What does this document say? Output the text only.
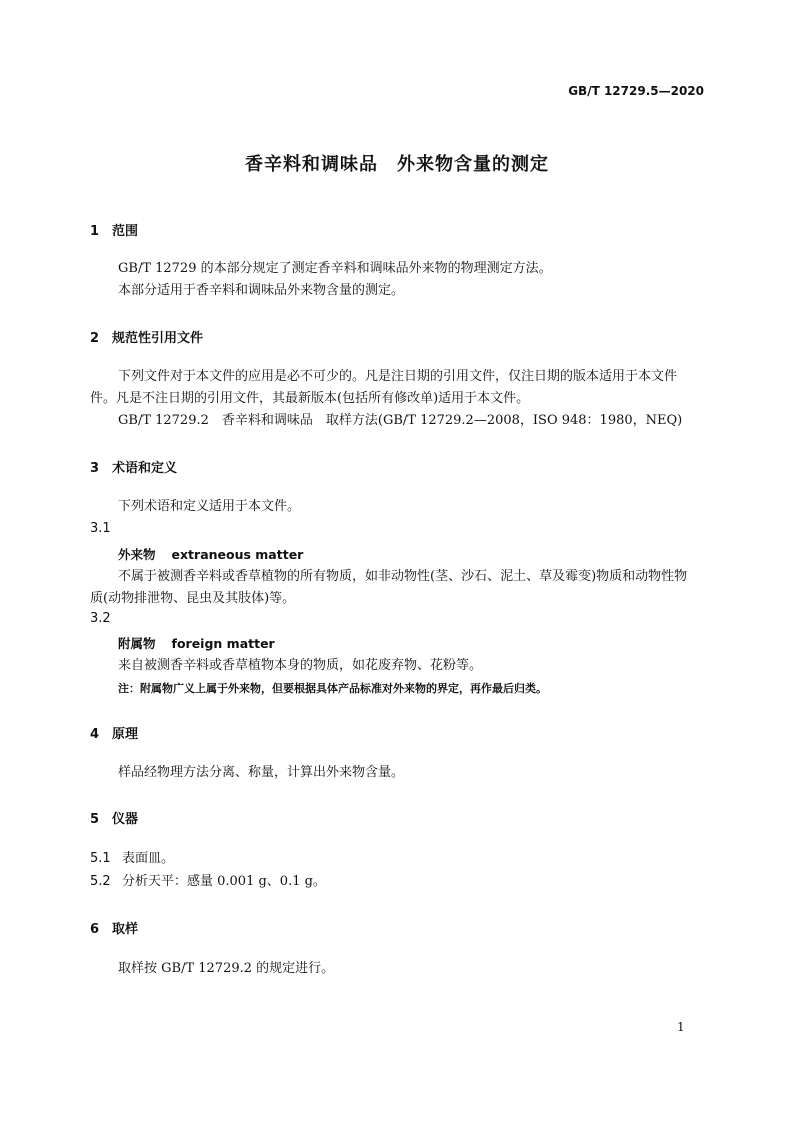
GB/T 12729.5—2020
香辛料和调味品　外来物含量的测定
1 范围
GB/T 12729 的本部分规定了测定香辛料和调味品外来物的物理测定方法。
本部分适用于香辛料和调味品外来物含量的测定。
2 规范性引用文件
下列文件对于本文件的应用是必不可少的。凡是注日期的引用文件，仅注日期的版本适用于本文件
件。凡是不注日期的引用文件，其最新版本(包括所有修改单)适用于本文件。
GB/T 12729.2　香辛料和调味品　取样方法(GB/T 12729.2—2008，ISO 948：1980，NEQ)
3 术语和定义
下列术语和定义适用于本文件。
3.1
外来物 extraneous matter
不属于被测香辛料或香草植物的所有物质，如非动物性(茎、沙石、泥土、草及霉变)物质和动物性物
质(动物排泄物、昆虫及其肢体)等。
3.2
附属物 foreign matter
来自被测香辛料或香草植物本身的物质，如花废弃物、花粉等。
注：附属物广义上属于外来物，但要根据具体产品标准对外来物的界定，再作最后归类。
4 原理
样品经物理方法分离、称量，计算出外来物含量。
5 仪器
5.1 表面皿。
5.2 分析天平：感量 0.001 g、0.1 g。
6 取样
取样按 GB/T 12729.2 的规定进行。
1
